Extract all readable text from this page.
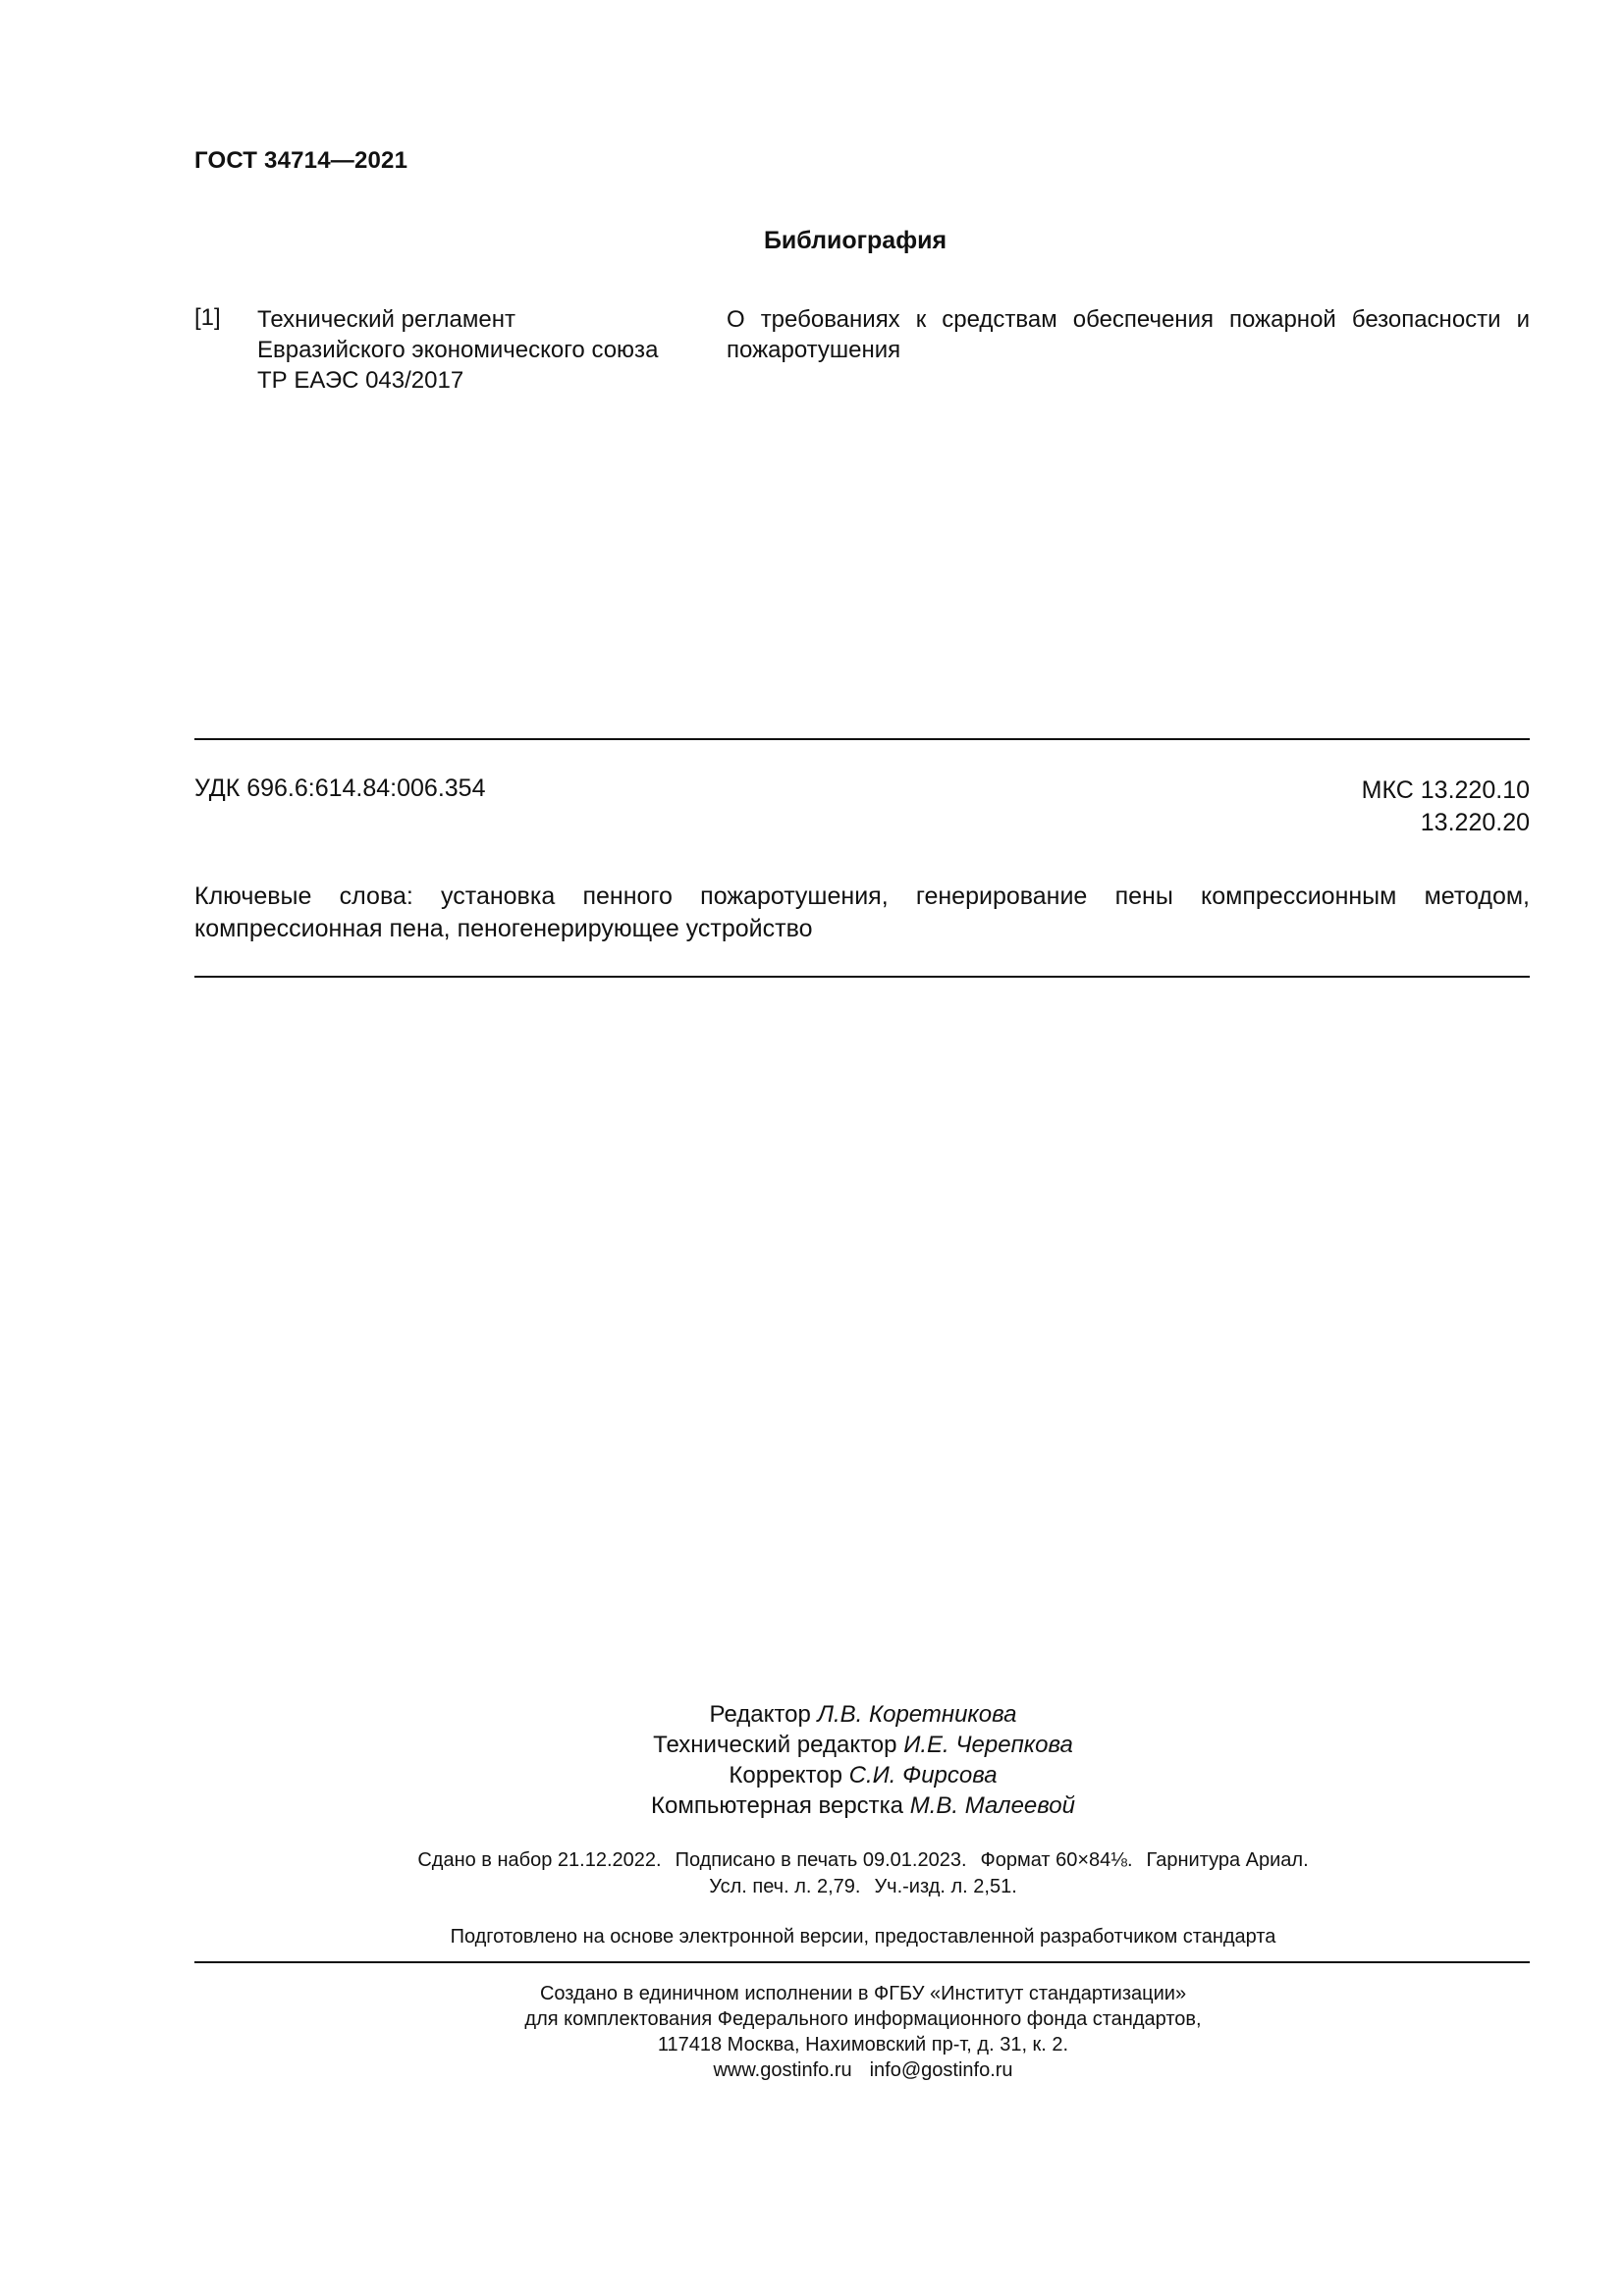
ГОСТ 34714—2021
Библиография
[1] Технический регламент
Евразийского экономического союза
ТР ЕАЭС 043/2017
О требованиях к средствам обеспечения пожарной безопасности и пожаротушения
УДК 696.6:614.84:006.354	МКС 13.220.10
13.220.20
Ключевые слова: установка пенного пожаротушения, генерирование пены компрессионным методом, компрессионная пена, пеногенерирующее устройство
Редактор Л.В. Коретникова
Технический редактор И.Е. Черепкова
Корректор С.И. Фирсова
Компьютерная верстка М.В. Малеевой
Сдано в набор 21.12.2022. Подписано в печать 09.01.2023. Формат 60×84⅛. Гарнитура Ариал.
Усл. печ. л. 2,79. Уч.-изд. л. 2,51.
Подготовлено на основе электронной версии, предоставленной разработчиком стандарта
Создано в единичном исполнении в ФГБУ «Институт стандартизации»
для комплектования Федерального информационного фонда стандартов,
117418 Москва, Нахимовский пр-т, д. 31, к. 2.
www.gostinfo.ru info@gostinfo.ru
